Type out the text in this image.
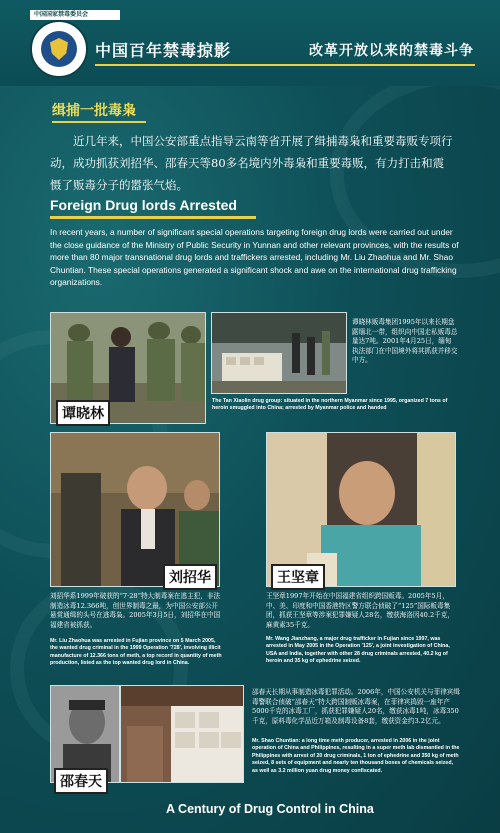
中国国家禁毒委员会
中国百年禁毒掠影	改革开放以来的禁毒斗争
缉捕一批毒枭
近几年来，中国公安部重点指导云南等省开展了缉捕毒枭和重要毒贩专项行动，成功抓获刘招华、邵春天等80多名境内外毒枭和重要毒贩，有力打击和震慑了贩毒分子的嚣张气焰。
Foreign Drug lords Arrested
In recent years, a number of significant special operations targeting foreign drug lords were carried out under the close guidance of the Ministry of Public Security in Yunnan and other relevant provinces, with the results of more than 80 major transnational drug lords and traffickers arrested, including Mr. Liu Zhaohua and Mr. Shao Chuntian. These special operations generated a significant shock and awe on the international drug trafficking organizations.
谭晓林
谭晓林贩毒集团1995年以来长期盘踞缅北一带，组织向中国走私贩毒总量达7吨。2001年4月25日，缅甸执法部门在中国境外将其抓获并移交中方。
The Tan Xiaolin drug group: situated in the northern Myanmar since 1995, organized 7 tons of heroin smuggled into China; arrested by Myanmar police and handed
刘招华
刘招华系1999年破获的“7·28”特大制毒案在逃主犯，非法制造冰毒12.366吨，创世界制毒之最，为中国公安部公开悬赏通缉的头号在逃毒枭。2005年3月5日，刘招华在中国福建省被抓获。
Mr. Liu Zhaohua was arrested in Fujian province on 5 March 2005, the wanted drug criminal in the 1999 Operation '728', involving illicit manufacture of 12.366 tons of meth, a top record in quantity of meth production, listed as the top wanted drug lord in China.
王坚章
王坚章1997年开始在中国福建省组织跨国贩毒。2005年5月，中、美、印度和中国香港特区警方联合侦破了“125”国际贩毒集团，抓获王坚章等涉案犯罪嫌疑人28名，缴获海洛因40.2千克，麻黄素35千克。
Mr. Wang Jianzhang, a major drug trafficker in Fujian since 1997, was arrested in May 2005 in the Operation '125', a joint investigation of China, USA and India, together with other 28 drug criminals arrested, 40.2 kg of heroin and 35 kg of ephedrine seized.
邵春天
邵春天长期从事制造冰毒犯罪活动。2006年，中国公安机关与菲律宾缉毒警联合侦破“邵春天”特大跨国制贩冰毒案，在菲律宾捣毁一座年产5000千克的冰毒工厂，抓获犯罪嫌疑人20名，缴获冰毒1吨，冰毒350千克，原料毒化学品近万箱及制毒设备8套，缴获资金约3.2亿元。
Mr. Shao Chuntian: a long time meth producer, arrested in 2006 in the joint operation of China and Philippines, resulting in a super meth lab dismantled in the Philippines with arrest of 20 drug criminals, 1 ton of ephedrine and 350 kg of meth seized, 8 sets of equipment and nearly ten thousand boxes of chemicals seized, as well as 3.2 million yuan drug money confiscated.
A Century of Drug Control in China
